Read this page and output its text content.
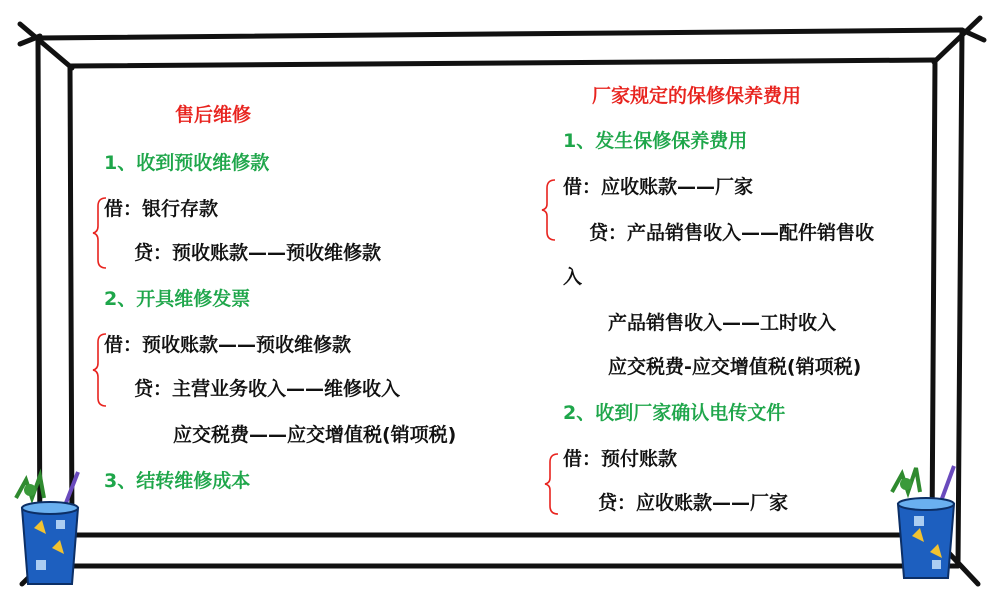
售后维修
1、收到预收维修款
借：银行存款
贷：预收账款——预收维修款
2、开具维修发票
借：预收账款——预收维修款
贷：主营业务收入——维修收入
应交税费——应交增值税(销项税)
3、结转维修成本
厂家规定的保修保养费用
1、发生保修保养费用
借：应收账款——厂家
贷：产品销售收入——配件销售收
入
产品销售收入——工时收入
应交税费-应交增值税(销项税)
2、收到厂家确认电传文件
借：预付账款
贷：应收账款——厂家
